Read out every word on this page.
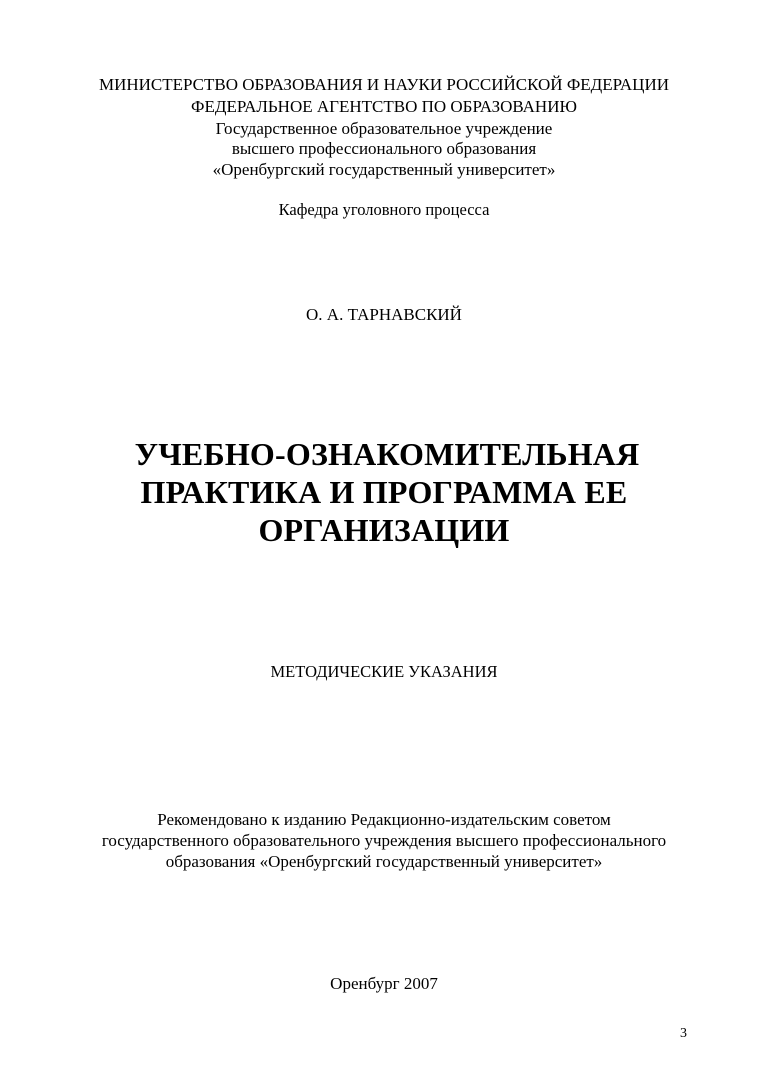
МИНИСТЕРСТВО ОБРАЗОВАНИЯ И НАУКИ РОССИЙСКОЙ ФЕДЕРАЦИИ
ФЕДЕРАЛЬНОЕ АГЕНТСТВО ПО ОБРАЗОВАНИЮ
Государственное образовательное учреждение
высшего профессионального образования
«Оренбургский государственный университет»
Кафедра уголовного процесса
О. А. ТАРНАВСКИЙ
УЧЕБНО-ОЗНАКОМИТЕЛЬНАЯ
ПРАКТИКА И ПРОГРАММА ЕЕ
ОРГАНИЗАЦИИ
МЕТОДИЧЕСКИЕ УКАЗАНИЯ
Рекомендовано к изданию Редакционно-издательским советом
государственного образовательного учреждения высшего профессионального
образования «Оренбургский государственный университет»
Оренбург 2007
3
